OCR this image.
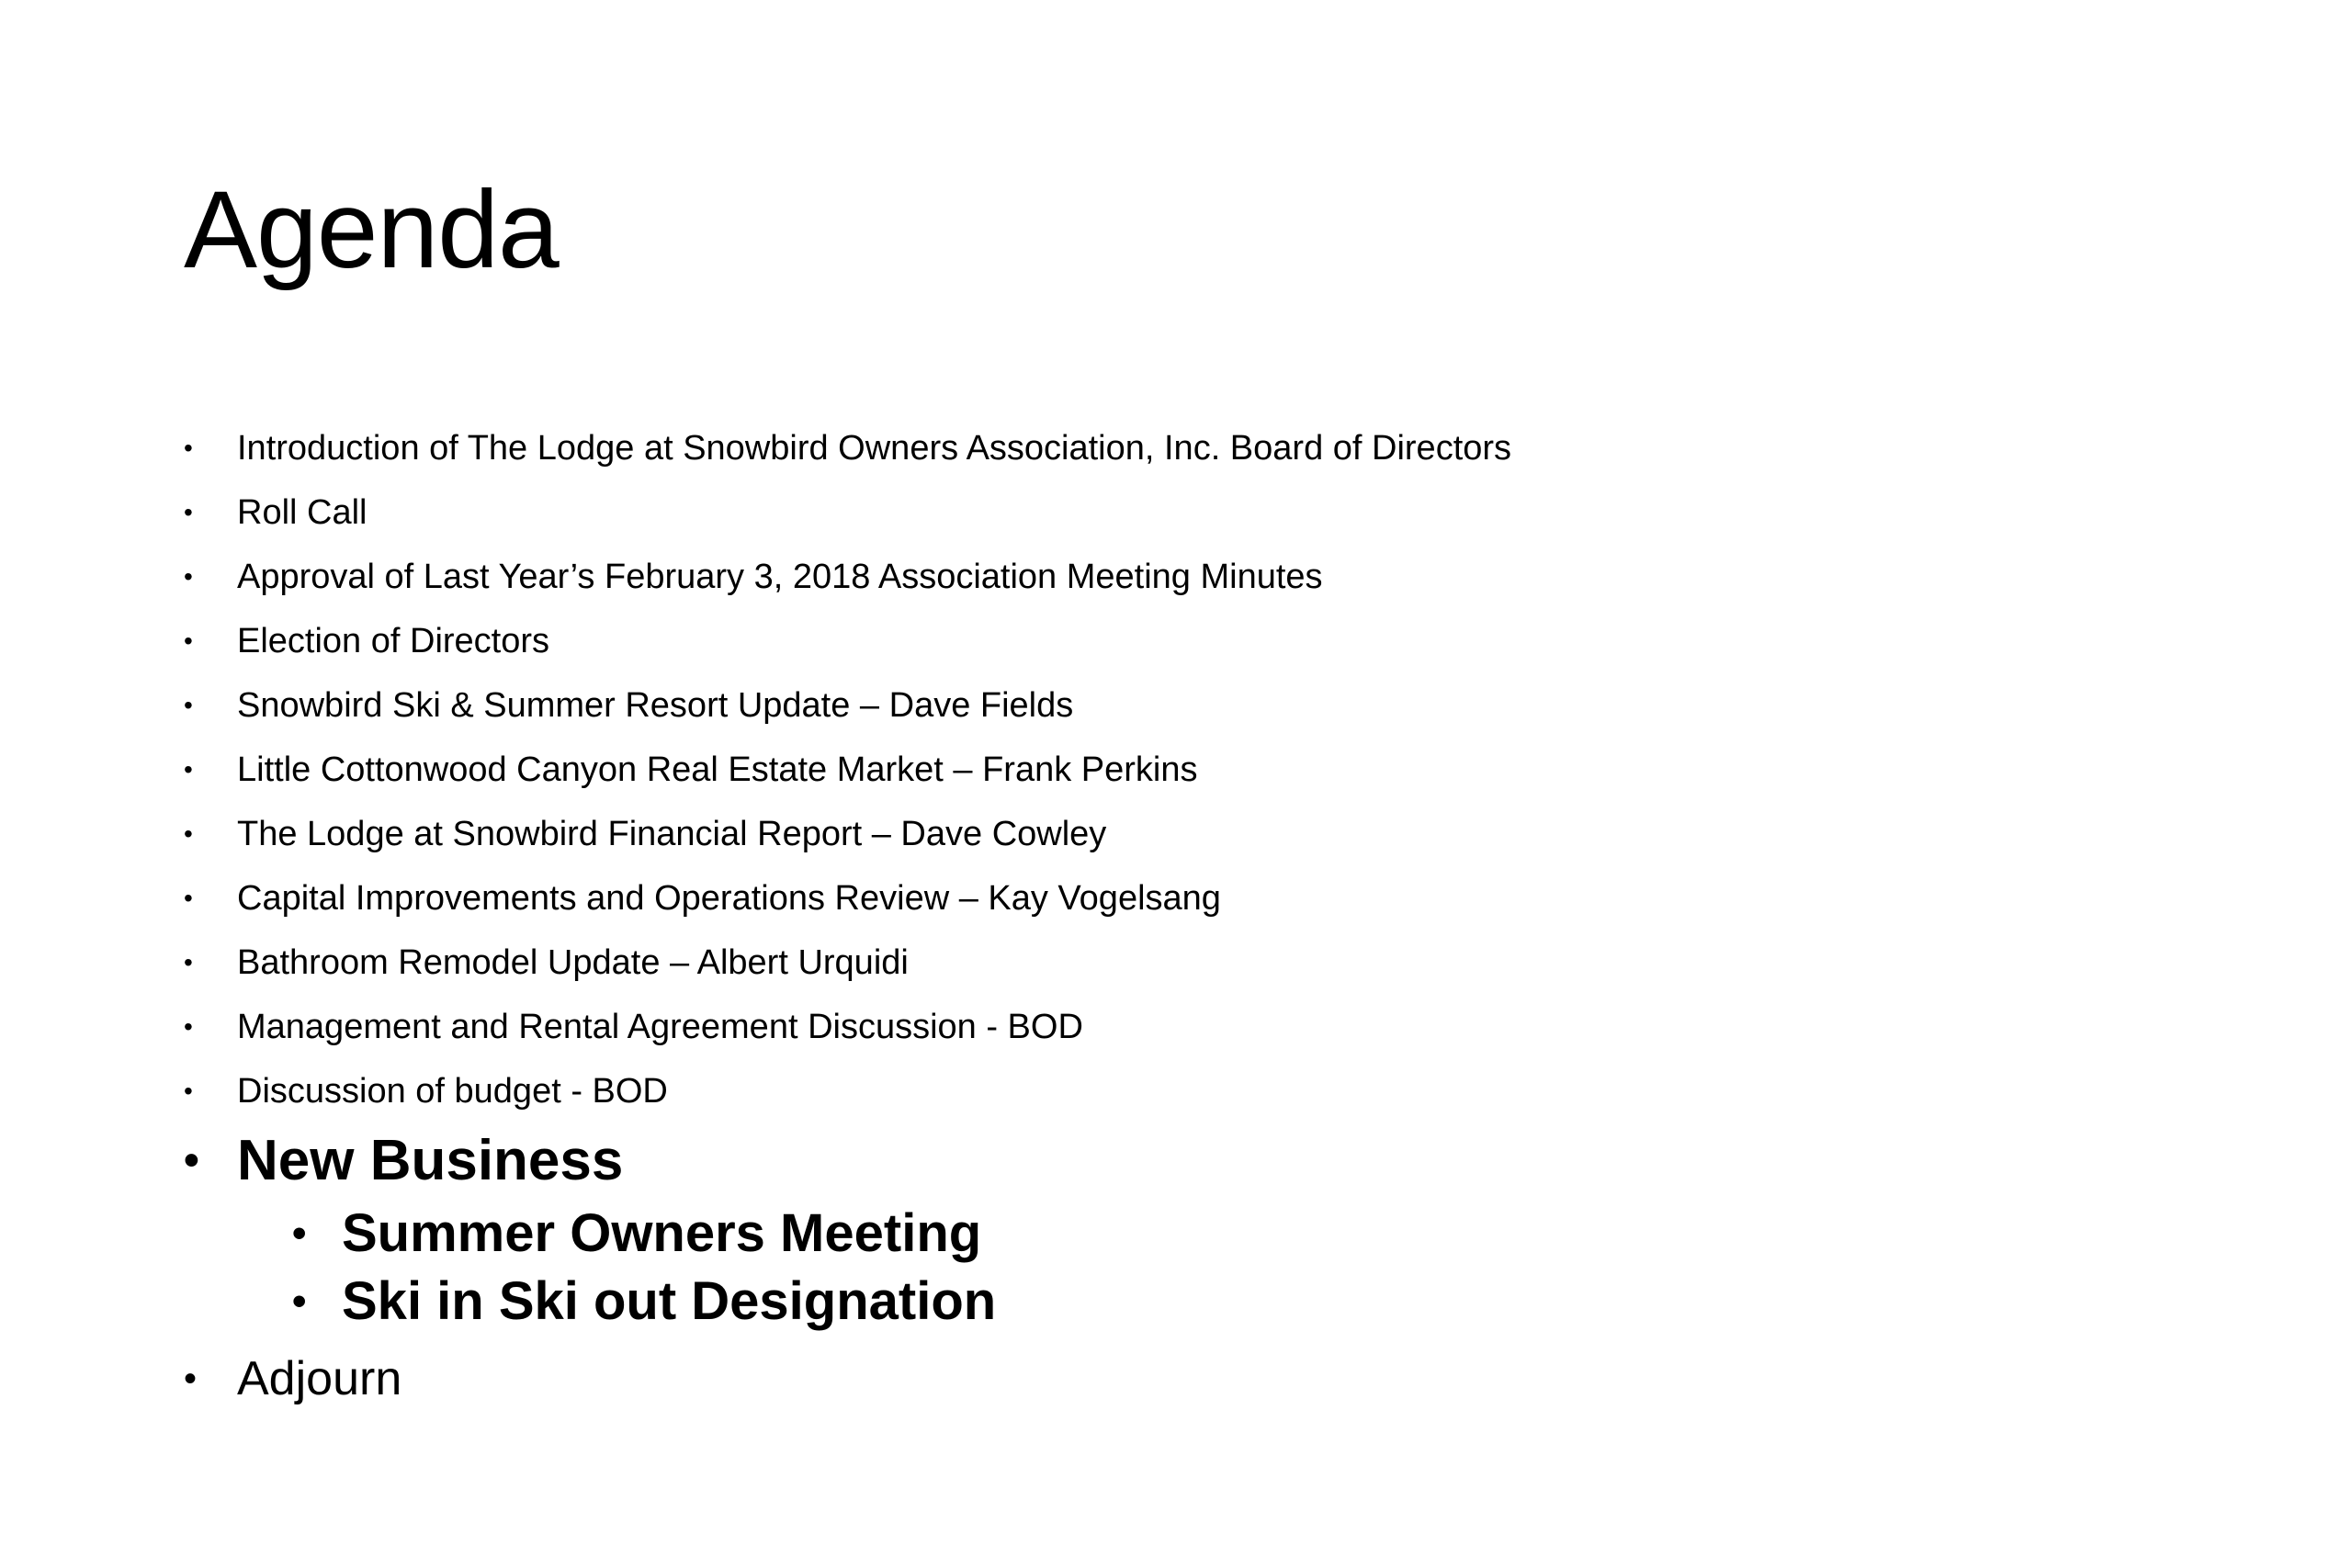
Agenda
• Introduction of The Lodge at Snowbird Owners Association, Inc. Board of Directors
• Roll Call
• Approval of Last Year’s February 3, 2018 Association Meeting Minutes
• Election of Directors
• Snowbird Ski & Summer Resort Update – Dave Fields
• Little Cottonwood Canyon Real Estate Market – Frank Perkins
• The Lodge at Snowbird Financial Report – Dave Cowley
• Capital Improvements and Operations Review – Kay Vogelsang
• Bathroom Remodel Update – Albert Urquidi
• Management and Rental Agreement Discussion - BOD
• Discussion of budget - BOD
• New Business
• Summer Owners Meeting
• Ski in Ski out Designation
• Adjourn
